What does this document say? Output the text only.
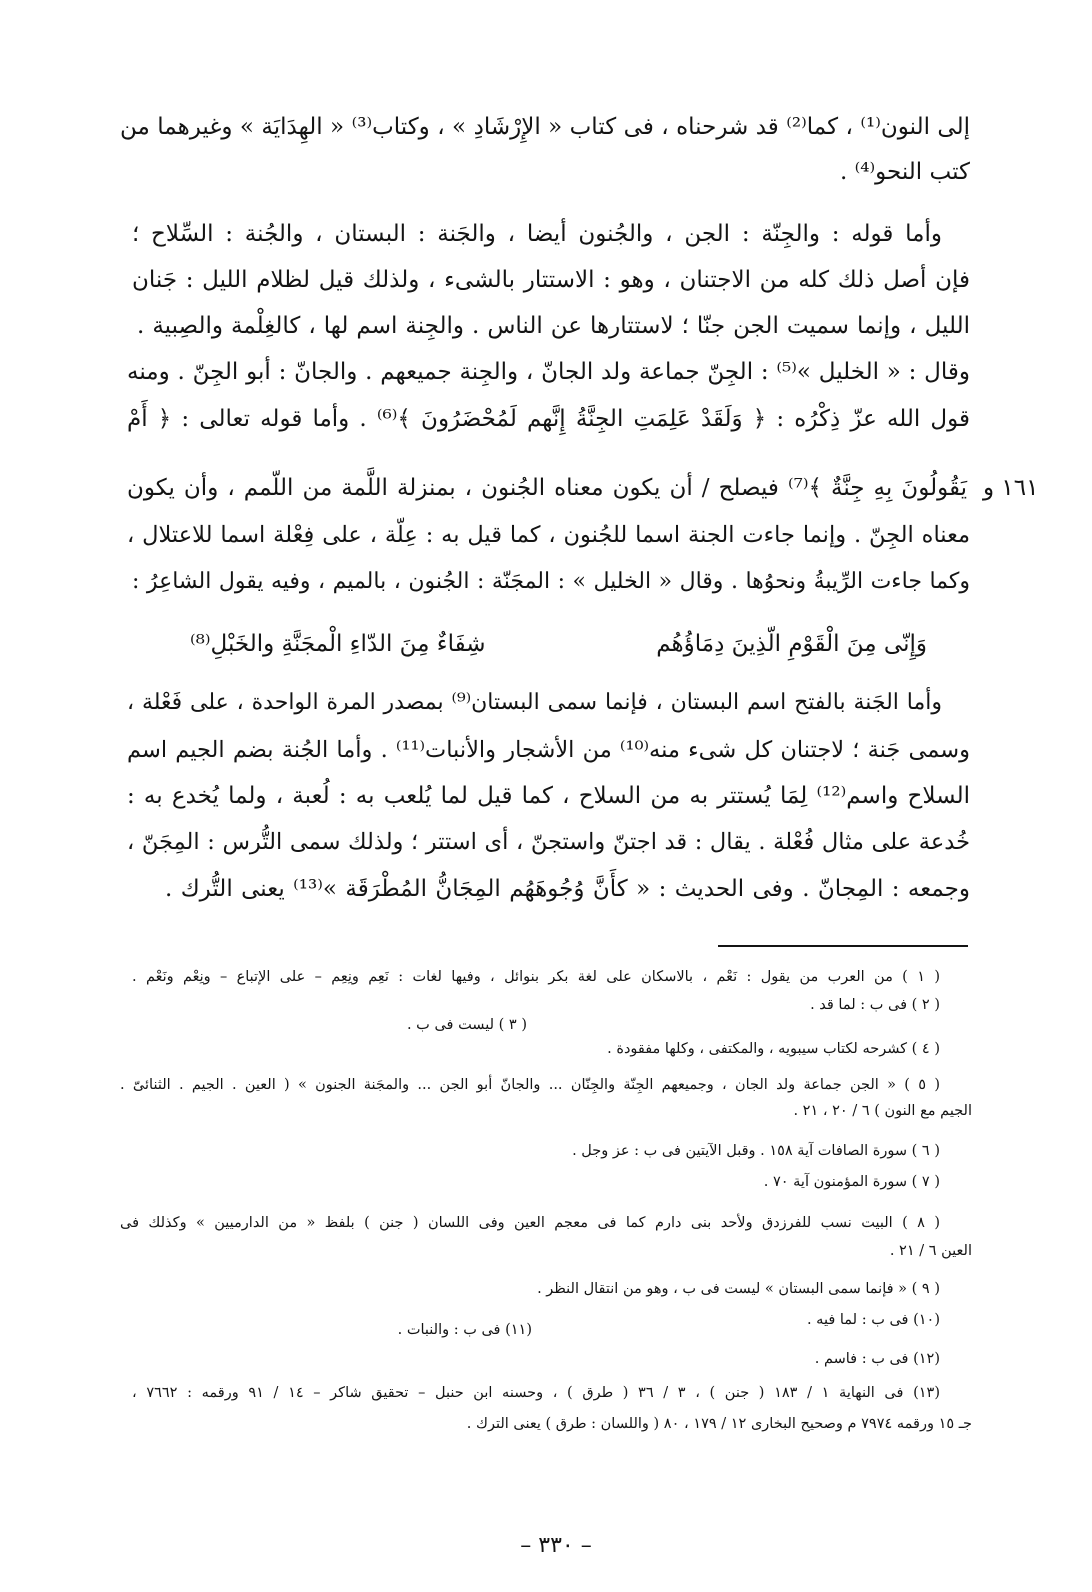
إلى النون⁽¹⁾ ، كما⁽²⁾ قد شرحناه ، فى كتاب « الإِرْشَادِ » ، وكتاب⁽³⁾ « الهِدَايَة » وغيرهما من
كتب النحو⁽⁴⁾ .
وأما قوله : والجِنّة : الجن ، والجُنون أيضا ، والجَنة : البستان ، والجُنة : السِّلاح ؛
فإن أصل ذلك كله من الاجتنان ، وهو : الاستتار بالشىء ، ولذلك قيل لظلام الليل : جَنان
الليل ، وإنما سميت الجن جنّا ؛ لاستتارها عن الناس . والجِنة اسم لها ، كالغِلْمة والصِبية .
وقال : « الخليل »⁽⁵⁾ : الجِنّ جماعة ولد الجانّ ، والجِنة جميعهم . والجانّ : أبو الجِنّ . ومنه
قول الله عزّ ذِكْرُه : ﴿ وَلَقَدْ عَلِمَتِ الجِنَّةُ إِنَّهم لَمُحْضَرُونَ ﴾⁽⁶⁾ . وأما قوله تعالى : ﴿ أَمْ
١٦١ و
يَقُولُونَ بِهِ جِنَّةٌ ﴾⁽⁷⁾ فيصلح / أن يكون معناه الجُنون ، بمنزلة اللَّمة من اللّمم ، وأن يكون
معناه الجِنّ . وإنما جاءت الجنة اسما للجُنون ، كما قيل به : عِلّة ، على فِعْلة اسما للاعتلال ،
وكما جاءت الرِّيبةُ ونحوُها . وقال « الخليل » : المجَنّة : الجُنون ، بالميم ، وفيه يقول الشاعِرُ :
وَإِنّى مِنَ الْقَوْمِ الّذِينَ دِمَاؤُهُم
شِفَاءٌ مِنَ الدّاءِ الْمجَنَّةِ والخَبْلِ⁽⁸⁾
وأما الجَنة بالفتح اسم البستان ، فإنما سمى البستان⁽⁹⁾ بمصدر المرة الواحدة ، على فَعْلة ،
وسمى جَنة ؛ لاجتنان كل شىء منه⁽¹⁰⁾ من الأشجار والأنبات⁽¹¹⁾ . وأما الجُنة بضم الجيم اسم
السلاح واسم⁽¹²⁾ لِمَا يُستتر به من السلاح ، كما قيل لما يُلعب به : لُعبة ، ولما يُخدع به :
خُدعة على مثال فُعْلة . يقال : قد اجتنّ واستجنّ ، أى استتر ؛ ولذلك سمى التُّرس : المِجَنّ ،
وجمعه : المِجانّ . وفى الحديث : « كأَنَّ وُجُوهَهُم المِجَانُّ المُطْرَقَة »⁽¹³⁾ يعنى التُّرك .
( ١ ) من العرب من يقول : نَعْم ، بالاسكان على لغة بكر بنوائل ، وفيها لغات : نَعِم ونِعِم – على الإتباع – ونِعْم ونَعْم .
( ٢ ) فى ب : لما قد .
( ٣ ) ليست فى ب .
( ٤ ) كشرحه لكتاب سيبويه ، والمكتفى ، وكلها مفقودة .
( ٥ ) « الجن جماعة ولد الجان ، وجميعهم الجِنّة والجِنّان ... والجانّ أبو الجن ... والمجَنة الجنون » ( العين . الجيم . الثنائىّ .
الجيم مع النون ) ٦ / ٢٠ ، ٢١ .
( ٦ ) سورة الصافات آية ١٥٨ . وقبل الآيتين فى ب : عز وجل .
( ٧ ) سورة المؤمنون آية ٧٠ .
( ٨ ) البيت نسب للفرزدق ولأحد بنى دارم كما فى معجم العين وفى اللسان ( جنن ) بلفظ « من الدارميين » وكذلك فى
العين ٦ / ٢١ .
( ٩ ) « فإنما سمى البستان » ليست فى ب ، وهو من انتقال النظر .
(١٠) فى ب : لما فيه .
(١١) فى ب : والنبات .
(١٢) فى ب : فاسم .
(١٣) فى النهاية ١ / ١٨٣ ( جنن ) ، ٣ / ٣٦ ( طرق ) ، وحسنه ابن حنبل – تحقيق شاكر – ١٤ / ٩١ ورقمه : ٧٦٦٢ ،
جـ ١٥ ورقمه ٧٩٧٤ م وصحيح البخارى ١٢ / ١٧٩ ، ٨٠ ( واللسان : طرق ) يعنى الترك .
– ٣٣٠ –
